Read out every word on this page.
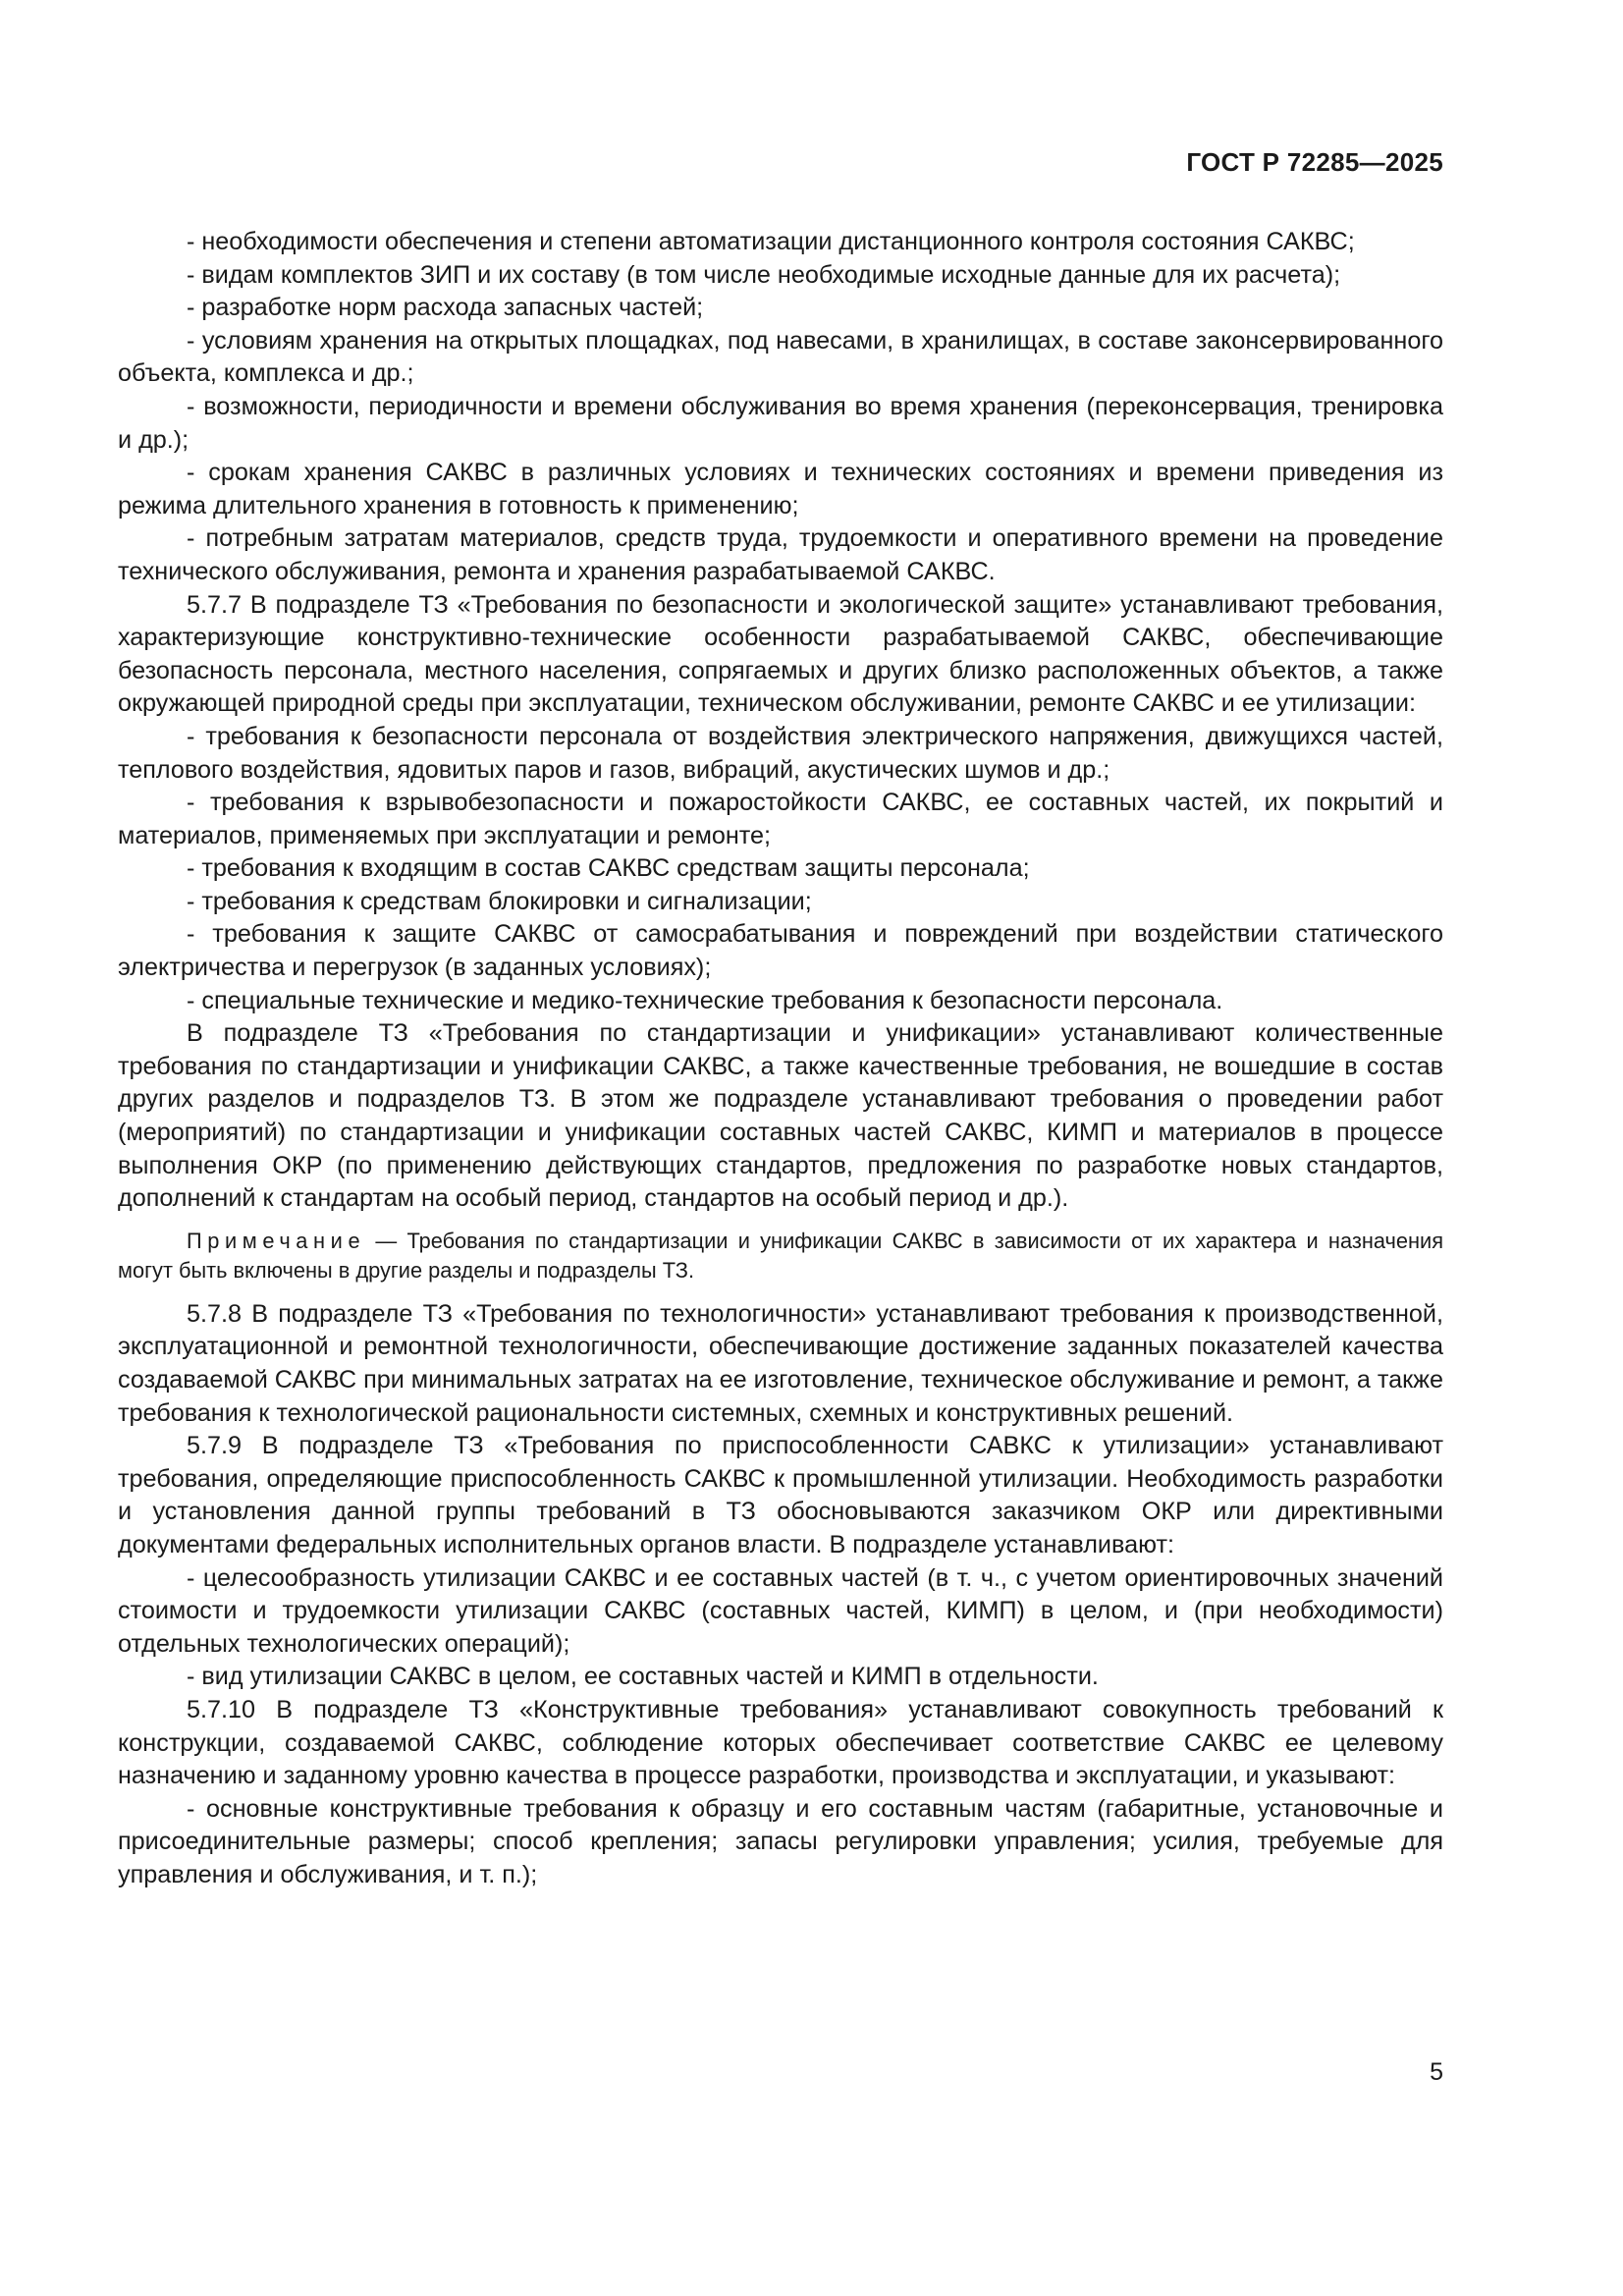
ГОСТ Р 72285—2025

- необходимости обеспечения и степени автоматизации дистанционного контроля состояния САКВС;

- видам комплектов ЗИП и их составу (в том числе необходимые исходные данные для их расчета);

- разработке норм расхода запасных частей;

- условиям хранения на открытых площадках, под навесами, в хранилищах, в составе законсервированного объекта, комплекса и др.;

- возможности, периодичности и времени обслуживания во время хранения (переконсервация, тренировка и др.);

- срокам хранения САКВС в различных условиях и технических состояниях и времени приведения из режима длительного хранения в готовность к применению;

- потребным затратам материалов, средств труда, трудоемкости и оперативного времени на проведение технического обслуживания, ремонта и хранения разрабатываемой САКВС.

5.7.7 В подразделе ТЗ «Требования по безопасности и экологической защите» устанавливают требования, характеризующие конструктивно-технические особенности разрабатываемой САКВС, обеспечивающие безопасность персонала, местного населения, сопрягаемых и других близко расположенных объектов, а также окружающей природной среды при эксплуатации, техническом обслуживании, ремонте САКВС и ее утилизации:

- требования к безопасности персонала от воздействия электрического напряжения, движущихся частей, теплового воздействия, ядовитых паров и газов, вибраций, акустических шумов и др.;

- требования к взрывобезопасности и пожаростойкости САКВС, ее составных частей, их покрытий и материалов, применяемых при эксплуатации и ремонте;

- требования к входящим в состав САКВС средствам защиты персонала;

- требования к средствам блокировки и сигнализации;

- требования к защите САКВС от самосрабатывания и повреждений при воздействии статического электричества и перегрузок (в заданных условиях);

- специальные технические и медико-технические требования к безопасности персонала.

В подразделе ТЗ «Требования по стандартизации и унификации» устанавливают количественные требования по стандартизации и унификации САКВС, а также качественные требования, не вошедшие в состав других разделов и подразделов ТЗ. В этом же подразделе устанавливают требования о проведении работ (мероприятий) по стандартизации и унификации составных частей САКВС, КИМП и материалов в процессе выполнения ОКР (по применению действующих стандартов, предложения по разработке новых стандартов, дополнений к стандартам на особый период, стандартов на особый период и др.).

Примечание — Требования по стандартизации и унификации САКВС в зависимости от их характера и назначения могут быть включены в другие разделы и подразделы ТЗ.

5.7.8 В подразделе ТЗ «Требования по технологичности» устанавливают требования к производственной, эксплуатационной и ремонтной технологичности, обеспечивающие достижение заданных показателей качества создаваемой САКВС при минимальных затратах на ее изготовление, техническое обслуживание и ремонт, а также требования к технологической рациональности системных, схемных и конструктивных решений.

5.7.9 В подразделе ТЗ «Требования по приспособленности САВКС к утилизации» устанавливают требования, определяющие приспособленность САКВС к промышленной утилизации. Необходимость разработки и установления данной группы требований в ТЗ обосновываются заказчиком ОКР или директивными документами федеральных исполнительных органов власти. В подразделе устанавливают:

- целесообразность утилизации САКВС и ее составных частей (в т. ч., с учетом ориентировочных значений стоимости и трудоемкости утилизации САКВС (составных частей, КИМП) в целом, и (при необходимости) отдельных технологических операций);

- вид утилизации САКВС в целом, ее составных частей и КИМП в отдельности.

5.7.10 В подразделе ТЗ «Конструктивные требования» устанавливают совокупность требований к конструкции, создаваемой САКВС, соблюдение которых обеспечивает соответствие САКВС ее целевому назначению и заданному уровню качества в процессе разработки, производства и эксплуатации, и указывают:

- основные конструктивные требования к образцу и его составным частям (габаритные, установочные и присоединительные размеры; способ крепления; запасы регулировки управления; усилия, требуемые для управления и обслуживания, и т. п.);

5
